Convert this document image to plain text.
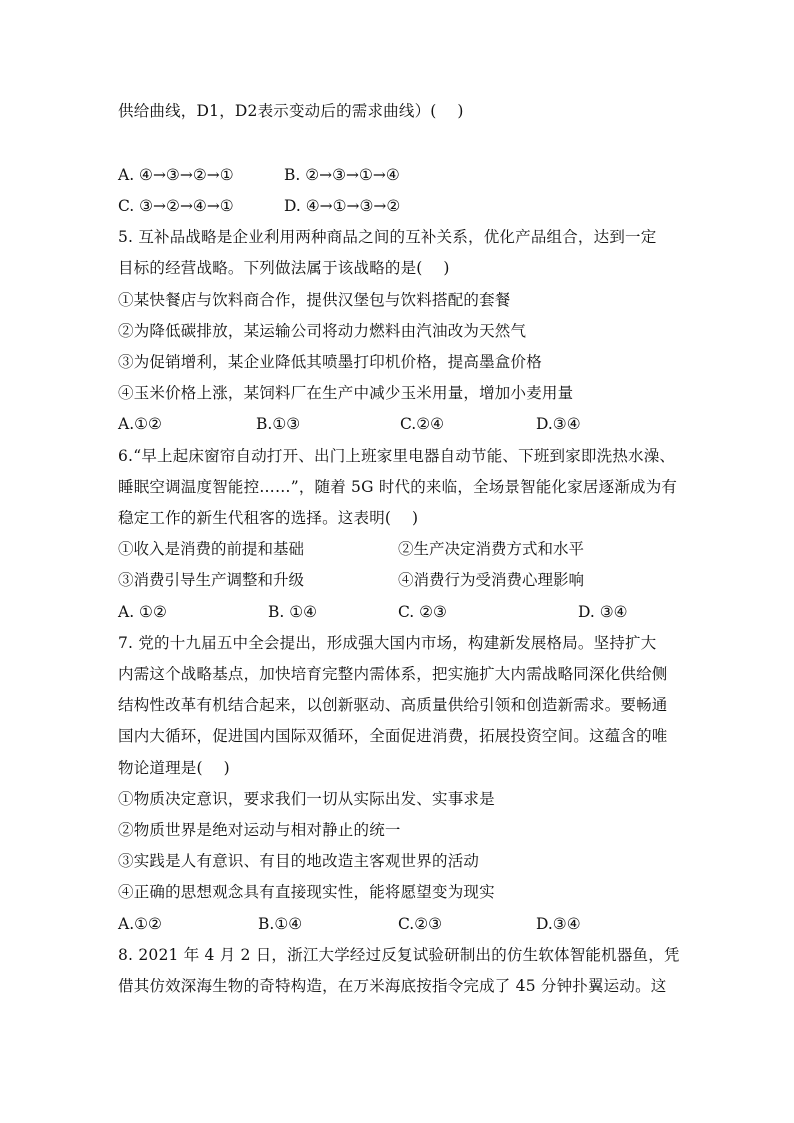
供给曲线，D1，D2表示变动后的需求曲线）(　 )
A. ④→③→②→①	B. ②→③→①→④
C. ③→②→④→①	D. ④→①→③→②
5. 互补品战略是企业利用两种商品之间的互补关系，优化产品组合，达到一定
目标的经营战略。下列做法属于该战略的是(　 )
①某快餐店与饮料商合作，提供汉堡包与饮料搭配的套餐
②为降低碳排放，某运输公司将动力燃料由汽油改为天然气
③为促销增利，某企业降低其喷墨打印机价格，提高墨盒价格
④玉米价格上涨，某饲料厂在生产中减少玉米用量，增加小麦用量
A.①②	B.①③	C.②④	D.③④
6.“早上起床窗帘自动打开、出门上班家里电器自动节能、下班到家即洗热水澡、
睡眠空调温度智能控……”，随着 5G 时代的来临，全场景智能化家居逐渐成为有
稳定工作的新生代租客的选择。这表明(　 )
①收入是消费的前提和基础	②生产决定消费方式和水平
③消费引导生产调整和升级	④消费行为受消费心理影响
A. ①②	B. ①④	C. ②③	D. ③④
7. 党的十九届五中全会提出，形成强大国内市场，构建新发展格局。坚持扩大
内需这个战略基点，加快培育完整内需体系，把实施扩大内需战略同深化供给侧
结构性改革有机结合起来，以创新驱动、高质量供给引领和创造新需求。要畅通
国内大循环，促进国内国际双循环，全面促进消费，拓展投资空间。这蕴含的唯
物论道理是(　 )
①物质决定意识，要求我们一切从实际出发、实事求是
②物质世界是绝对运动与相对静止的统一
③实践是人有意识、有目的地改造主客观世界的活动
④正确的思想观念具有直接现实性，能将愿望变为现实
A.①②	B.①④	C.②③	D.③④
8. 2021 年 4 月 2 日，浙江大学经过反复试验研制出的仿生软体智能机器鱼，凭
借其仿效深海生物的奇特构造，在万米海底按指令完成了 45 分钟扑翼运动。这
